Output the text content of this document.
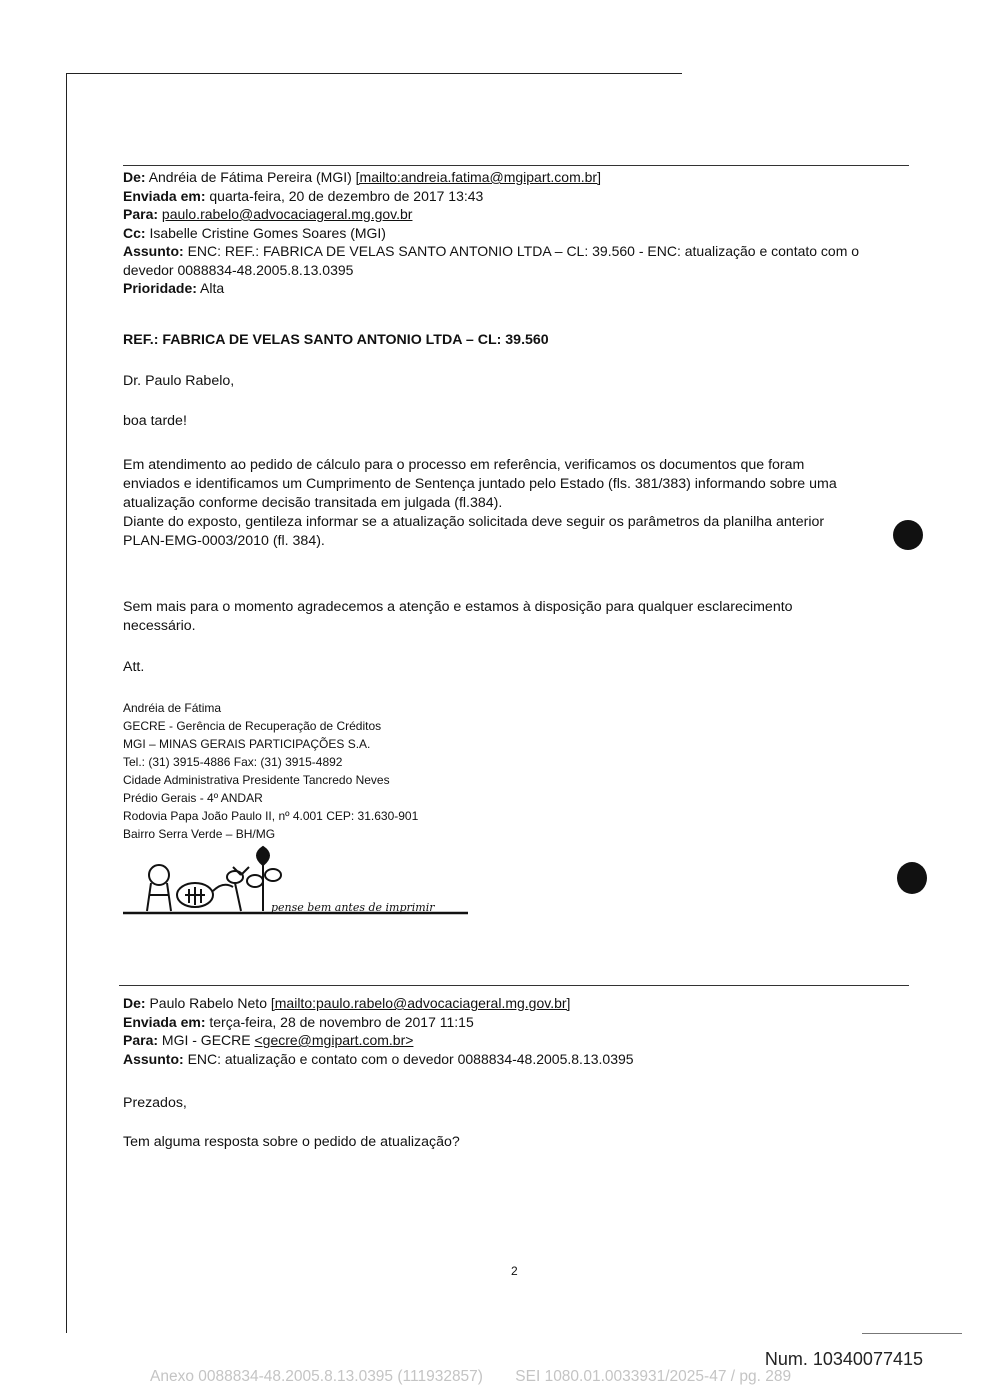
De: Andréia de Fátima Pereira (MGI) [mailto:andreia.fatima@mgipart.com.br]
Enviada em: quarta-feira, 20 de dezembro de 2017 13:43
Para: paulo.rabelo@advocaciageral.mg.gov.br
Cc: Isabelle Cristine Gomes Soares (MGI)
Assunto: ENC: REF.: FABRICA DE VELAS SANTO ANTONIO LTDA – CL: 39.560 - ENC: atualização e contato com o
devedor 0088834-48.2005.8.13.0395
Prioridade: Alta
REF.: FABRICA DE VELAS SANTO ANTONIO LTDA – CL: 39.560
Dr. Paulo Rabelo,
boa tarde!

Em atendimento ao pedido de cálculo para o processo em referência, verificamos os documentos que foram

enviados e identificamos um Cumprimento de Sentença juntado pelo Estado (fls. 381/383) informando sobre uma

atualização conforme decisão transitada em julgada (fl.384).

Diante do exposto, gentileza informar se a atualização solicitada deve seguir os parâmetros da planilha anterior

PLAN-EMG-0003/2010 (fl. 384).

Sem mais para o momento agradecemos a atenção e estamos à disposição para qualquer esclarecimento

necessário.

Att.
Andréia de Fátima
GECRE - Gerência de Recuperação de Créditos
MGI – MINAS GERAIS PARTICIPAÇÕES S.A.
Tel.: (31) 3915-4886 Fax: (31) 3915-4892
Cidade Administrativa Presidente Tancredo Neves
Prédio Gerais - 4º ANDAR
Rodovia Papa João Paulo II, nº 4.001 CEP: 31.630-901
Bairro Serra Verde – BH/MG
pense bem antes de imprimir
De: Paulo Rabelo Neto [mailto:paulo.rabelo@advocaciageral.mg.gov.br]
Enviada em: terça-feira, 28 de novembro de 2017 11:15
Para: MGI - GECRE <gecre@mgipart.com.br>
Assunto: ENC: atualização e contato com o devedor 0088834-48.2005.8.13.0395
Prezados,
Tem alguma resposta sobre o pedido de atualização?
2
Num. 10340077415
Anexo 0088834-48.2005.8.13.0395 (111932857) SEI 1080.01.0033931/2025-47 / pg. 289
